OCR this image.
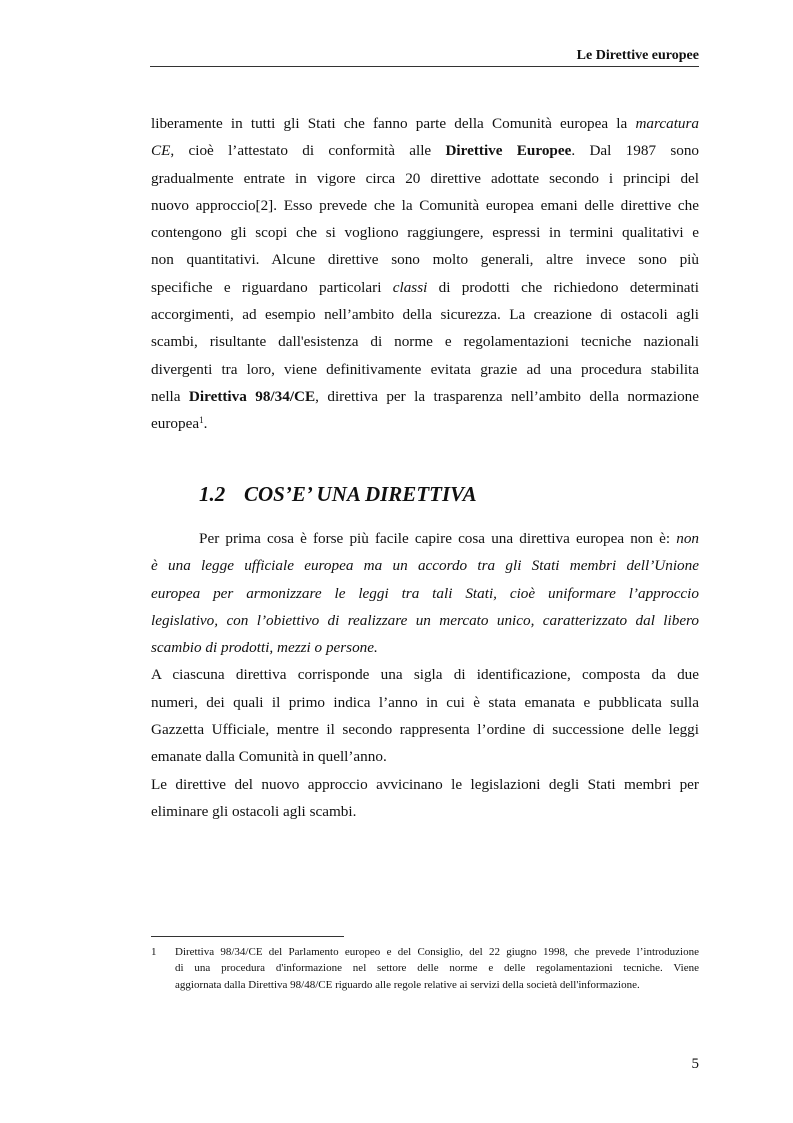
Le Direttive europee
liberamente in tutti gli Stati che fanno parte della Comunità europea la marcatura
CE, cioè l’attestato di conformità alle Direttive Europee. Dal 1987 sono
gradualmente entrate in vigore circa 20 direttive adottate secondo i principi del
nuovo approccio[2]. Esso prevede che la Comunità europea emani delle direttive che
contengono gli scopi che si vogliono raggiungere, espressi in termini qualitativi e
non quantitativi. Alcune direttive sono molto generali, altre invece sono più
specifiche e riguardano particolari classi di prodotti che richiedono determinati
accorgimenti, ad esempio nell’ambito della sicurezza. La creazione di ostacoli agli
scambi, risultante dall'esistenza di norme e regolamentazioni tecniche nazionali
divergenti tra loro, viene definitivamente evitata grazie ad una procedura stabilita
nella Direttiva 98/34/CE, direttiva per la trasparenza nell’ambito della normazione
europea$^1$.
1.2 COS’E’ UNA DIRETTIVA
Per prima cosa è forse più facile capire cosa una direttiva europea non è: non
è una legge ufficiale europea ma un accordo tra gli Stati membri dell’Unione
europea per armonizzare le leggi tra tali Stati, cioè uniformare l’approccio
legislativo, con l’obiettivo di realizzare un mercato unico, caratterizzato dal libero
scambio di prodotti, mezzi o persone.
A ciascuna direttiva corrisponde una sigla di identificazione, composta da due
numeri, dei quali il primo indica l’anno in cui è stata emanata e pubblicata sulla
Gazzetta Ufficiale, mentre il secondo rappresenta l’ordine di successione delle leggi
emanate dalla Comunità in quell’anno.
Le direttive del nuovo approccio avvicinano le legislazioni degli Stati membri per
eliminare gli ostacoli agli scambi.
1 Direttiva 98/34/CE del Parlamento europeo e del Consiglio, del 22 giugno 1998, che prevede l’introduzione
di una procedura d'informazione nel settore delle norme e delle regolamentazioni tecniche. Viene
aggiornata dalla Direttiva 98/48/CE riguardo alle regole relative ai servizi della società dell'informazione.
5
